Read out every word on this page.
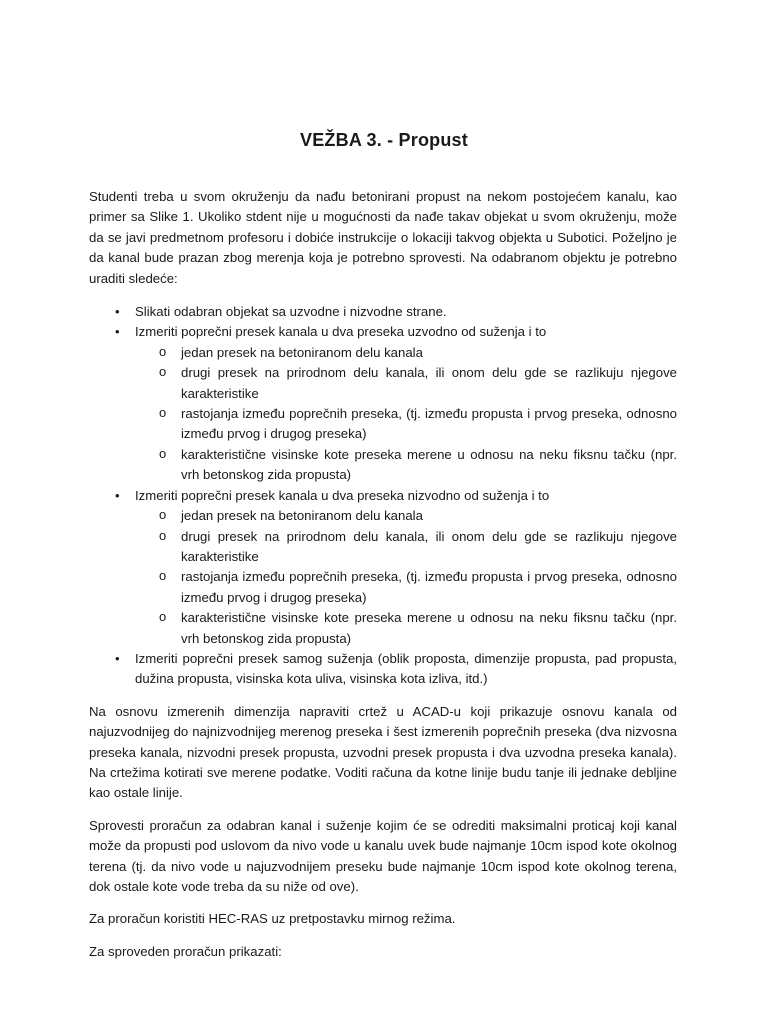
VEŽBA 3. - Propust

Studenti treba u svom okruženju da nađu betonirani propust na nekom postojećem kanalu, kao primer sa Slike 1. Ukoliko stdent nije u mogućnosti da nađe takav objekat u svom okruženju, može da se javi predmetnom profesoru i dobiće instrukcije o lokaciji takvog objekta u Subotici. Poželjno je da kanal bude prazan zbog merenja koja je potrebno sprovesti. Na odabranom objektu je potrebno uraditi sledeće:

• Slikati odabran objekat sa uzvodne i nizvodne strane.
• Izmeriti poprečni presek kanala u dva preseka uzvodno od suženja i to
o jedan presek na betoniranom delu kanala
o drugi presek na prirodnom delu kanala, ili onom delu gde se razlikuju njegove karakteristike
o rastojanja između poprečnih preseka, (tj. između propusta i prvog preseka, odnosno između prvog i drugog preseka)
o karakteristične visinske kote preseka merene u odnosu na neku fiksnu tačku (npr. vrh betonskog zida propusta)
• Izmeriti poprečni presek kanala u dva preseka nizvodno od suženja i to
o jedan presek na betoniranom delu kanala
o drugi presek na prirodnom delu kanala, ili onom delu gde se razlikuju njegove karakteristike
o rastojanja između poprečnih preseka, (tj. između propusta i prvog preseka, odnosno između prvog i drugog preseka)
o karakteristične visinske kote preseka merene u odnosu na neku fiksnu tačku (npr. vrh betonskog zida propusta)
• Izmeriti poprečni presek samog suženja (oblik proposta, dimenzije propusta, pad propusta, dužina propusta, visinska kota uliva, visinska kota izliva, itd.)

Na osnovu izmerenih dimenzija napraviti crtež u ACAD-u koji prikazuje osnovu kanala od najuzvodnijeg do najnizvodnijeg merenog preseka i šest izmerenih poprečnih preseka (dva nizvosna preseka kanala, nizvodni presek propusta, uzvodni presek propusta i dva uzvodna preseka kanala). Na crtežima kotirati sve merene podatke. Voditi računa da kotne linije budu tanje ili jednake debljine kao ostale linije.

Sprovesti proračun za odabran kanal i suženje kojim će se odrediti maksimalni proticaj koji kanal može da propusti pod uslovom da nivo vode u kanalu uvek bude najmanje 10cm ispod kote okolnog terena (tj. da nivo vode u najuzvodnijem preseku bude najmanje 10cm ispod kote okolnog terena, dok ostale kote vode treba da su niže od ove).

Za proračun koristiti HEC-RAS uz pretpostavku mirnog režima.

Za sproveden proračun prikazati:
